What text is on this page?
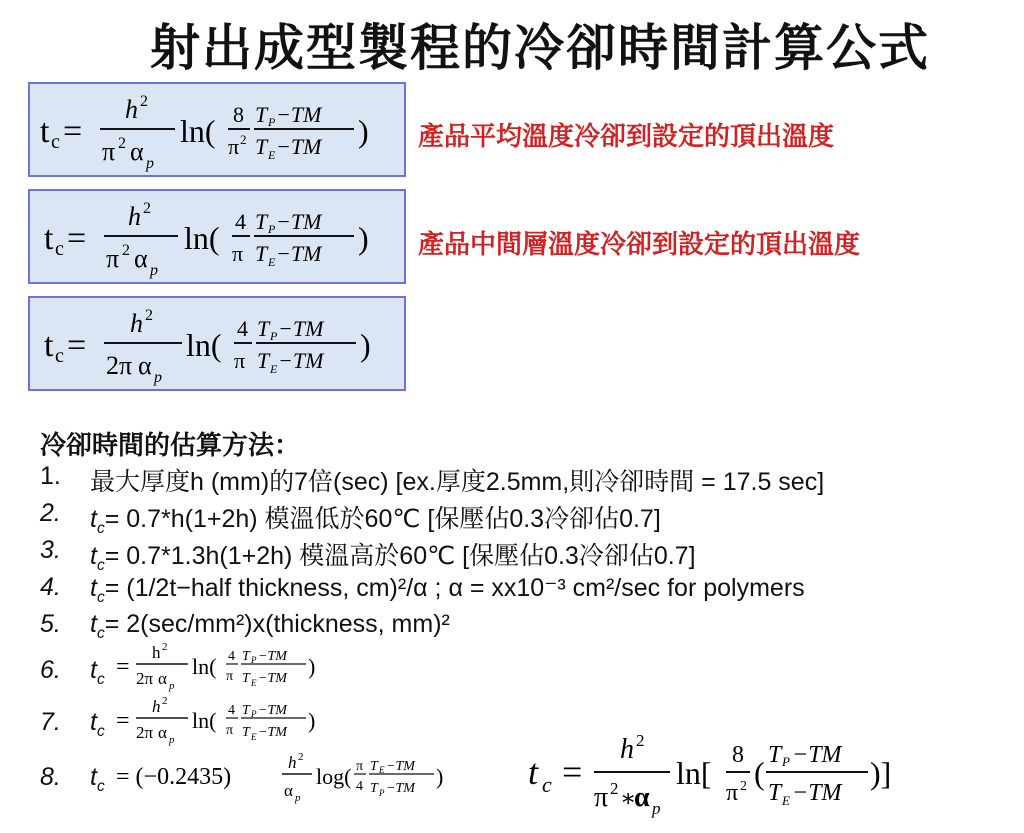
射出成型製程的冷卻時間計算公式
t c =
h 2
π 2 α p
ln( 8
π 2
T P −TM
T E −TM ) 產品平均溫度冷卻到設定的頂出溫度
t c =
h 2
π 2 α p
ln( 4
π
T P −TM
T E −TM ) 產品中間層溫度冷卻到設定的頂出溫度
t c =
h 2
2π α p
ln( 4
π
T P −TM
T E −TM )
冷卻時間的估算方法：
1. 最大厚度h (mm)的7倍(sec) [ex.厚度2.5mm,則冷卻時間 = 17.5 sec]
2. $t_c= 0.7*h(1+2h)$ 模溫低於60℃ [保壓佔0.3冷卻佔0.7]
3. $t_c= 0.7*1.3h(1+2h)$ 模溫高於60℃ [保壓佔0.3冷卻佔0.7]
4. $t_c=$ (1/2t−half thickness, cm)²/α ; α = xx10⁻³ cm²/sec for polymers
5. $t_c=$ 2(sec/mm²)x(thickness, mm)²
6. $t_c$ =
h 2
2π α p
ln( 4
π
T P −TM
T E −TM )
7. $t_c$ =
h 2
2π α p
ln( 4
π
T P −TM
T E −TM )
8. $t_c = (-0.2435)$
h 2
α p
log( π
4
T E −TM
T P −TM ) t c =
h 2
π 2 ∗
α p
ln[ 8
π 2 ( T P −TM
T E −TM
)]
